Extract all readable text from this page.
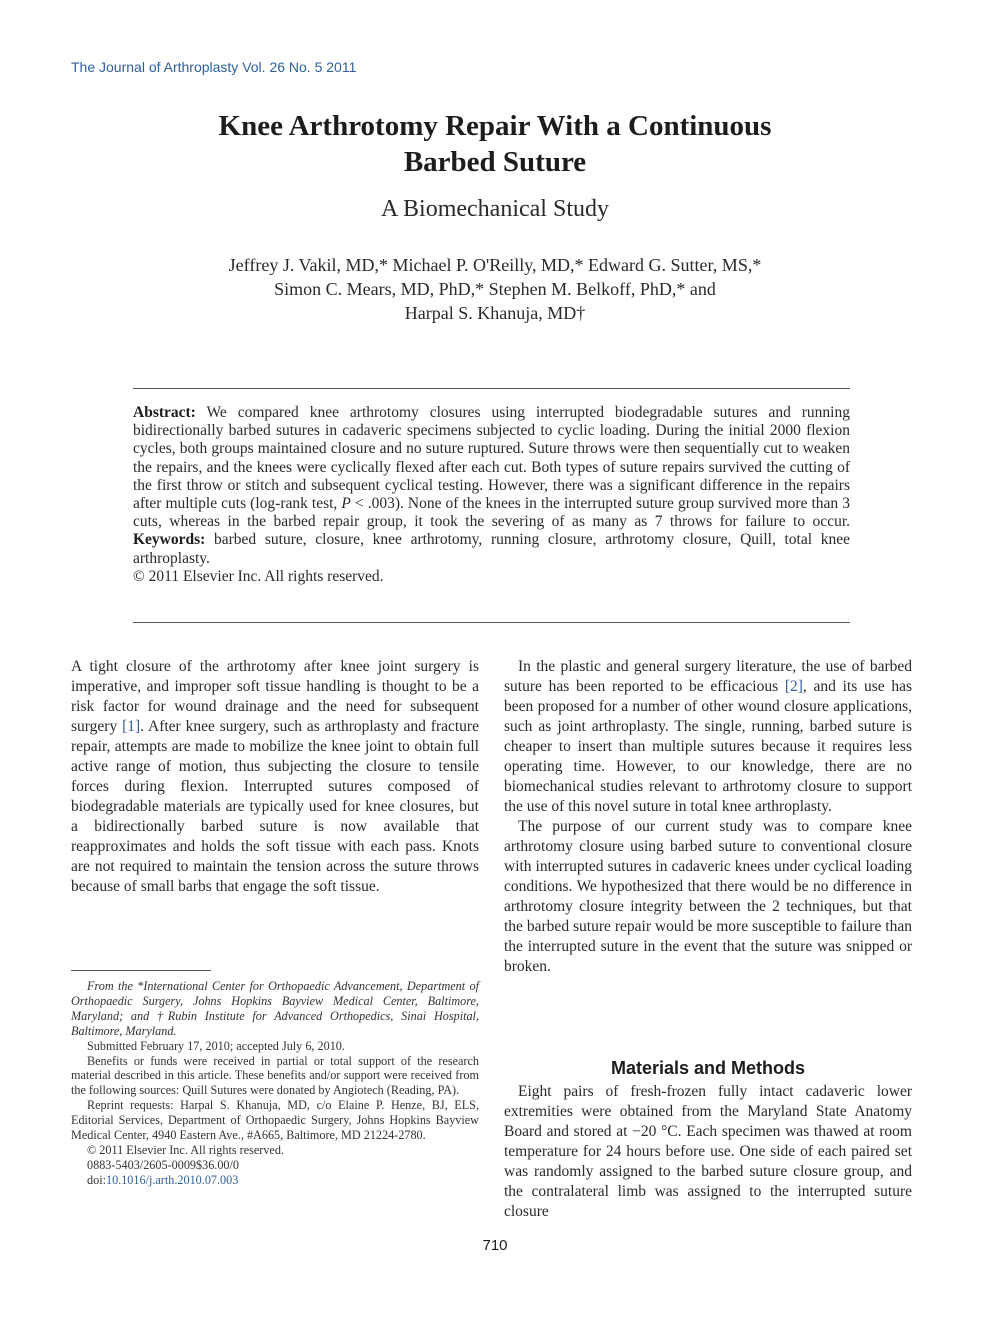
The Journal of Arthroplasty Vol. 26 No. 5 2011
Knee Arthrotomy Repair With a Continuous
Barbed Suture
A Biomechanical Study
Jeffrey J. Vakil, MD,* Michael P. O'Reilly, MD,* Edward G. Sutter, MS,*
Simon C. Mears, MD, PhD,* Stephen M. Belkoff, PhD,* and
Harpal S. Khanuja, MD†
Abstract: We compared knee arthrotomy closures using interrupted biodegradable sutures and running bidirectionally barbed sutures in cadaveric specimens subjected to cyclic loading. During the initial 2000 flexion cycles, both groups maintained closure and no suture ruptured. Suture throws were then sequentially cut to weaken the repairs, and the knees were cyclically flexed after each cut. Both types of suture repairs survived the cutting of the first throw or stitch and subsequent cyclical testing. However, there was a significant difference in the repairs after multiple cuts (log-rank test, P < .003). None of the knees in the interrupted suture group survived more than 3 cuts, whereas in the barbed repair group, it took the severing of as many as 7 throws for failure to occur. Keywords: barbed suture, closure, knee arthrotomy, running closure, arthrotomy closure, Quill, total knee arthroplasty.
© 2011 Elsevier Inc. All rights reserved.

A tight closure of the arthrotomy after knee joint surgery is imperative, and improper soft tissue handling is thought to be a risk factor for wound drainage and the need for subsequent surgery [1]. After knee surgery, such as arthroplasty and fracture repair, attempts are made to mobilize the knee joint to obtain full active range of motion, thus subjecting the closure to tensile forces during flexion. Interrupted sutures composed of biodegradable materials are typically used for knee closures, but a bidirectionally barbed suture is now available that reapproximates and holds the soft tissue with each pass. Knots are not required to maintain the tension across the suture throws because of small barbs that engage the soft tissue.

From the *International Center for Orthopaedic Advancement, Department of Orthopaedic Surgery, Johns Hopkins Bayview Medical Center, Baltimore, Maryland; and †Rubin Institute for Advanced Orthopedics, Sinai Hospital, Baltimore, Maryland.

Submitted February 17, 2010; accepted July 6, 2010.

Benefits or funds were received in partial or total support of the research material described in this article. These benefits and/or support were received from the following sources: Quill Sutures were donated by Angiotech (Reading, PA).

Reprint requests: Harpal S. Khanuja, MD, c/o Elaine P. Henze, BJ, ELS, Editorial Services, Department of Orthopaedic Surgery, Johns Hopkins Bayview Medical Center, 4940 Eastern Ave., #A665, Baltimore, MD 21224-2780.

© 2011 Elsevier Inc. All rights reserved.

0883-5403/2605-0009$36.00/0

doi:10.1016/j.arth.2010.07.003

In the plastic and general surgery literature, the use of barbed suture has been reported to be efficacious [2], and its use has been proposed for a number of other wound closure applications, such as joint arthroplasty. The single, running, barbed suture is cheaper to insert than multiple sutures because it requires less operating time. However, to our knowledge, there are no biomechanical studies relevant to arthrotomy closure to support the use of this novel suture in total knee arthroplasty.

The purpose of our current study was to compare knee arthrotomy closure using barbed suture to conventional closure with interrupted sutures in cadaveric knees under cyclical loading conditions. We hypothesized that there would be no difference in arthrotomy closure integrity between the 2 techniques, but that the barbed suture repair would be more susceptible to failure than the interrupted suture in the event that the suture was snipped or broken.

Materials and Methods

Eight pairs of fresh-frozen fully intact cadaveric lower extremities were obtained from the Maryland State Anatomy Board and stored at −20 °C. Each specimen was thawed at room temperature for 24 hours before use. One side of each paired set was randomly assigned to the barbed suture closure group, and the contralateral limb was assigned to the interrupted suture closure

710
